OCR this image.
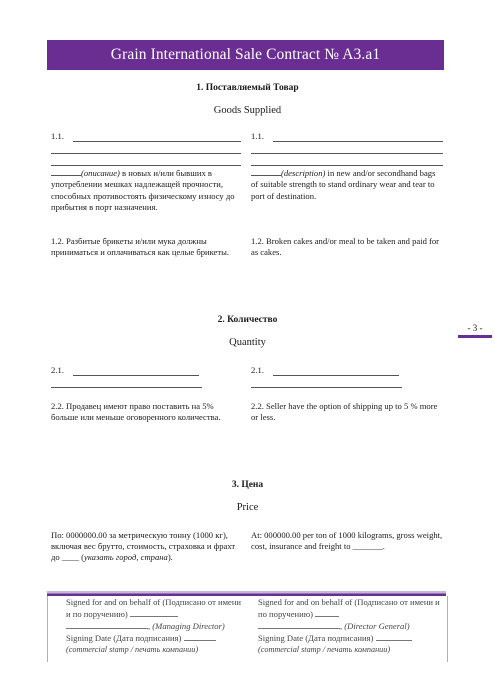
Grain International Sale Contract № A3.a1
- 3 -
1. Поставляемый Товар
Goods Supplied
1.1.
(описание) в новых и/или бывших в употреблении мешках надлежащей прочности, способных противостоять физическому износу до прибытия в порт назначения.
1.1.
(description) in new and/or secondhand bags of suitable strength to stand ordinary wear and tear to port of destination.
1.2. Разбитые брикеты и/или мука должны приниматься и оплачиваться как целые брикеты.
1.2. Broken cakes and/or meal to be taken and paid for as cakes.
2. Количество
Quantity
2.1.	2.1.
2.2. Продавец имеют право поставить на 5% больше или меньше оговоренного количества.
2.2. Seller have the option of shipping up to 5 % more or less.
3. Цена
Price
По: 0000000.00 за метрическую тонну (1000 кг), включая вес брутто, стоимость, страховка и фрахт до ____ (указать город, страна).
At: 000000.00 per ton of 1000 kilograms, gross weight, cost, insurance and freight to _______.
Signed for and on behalf of (Подписано от имени и по поручению)
, (Managing Director)
Signing Date (Дата подписания)
(commercial stamp / печать компании)
Signed for and on behalf of (Подписано от имени и по поручению)
, (Director General)
Signing Date (Дата подписания)
(commercial stamp / печать компании)
